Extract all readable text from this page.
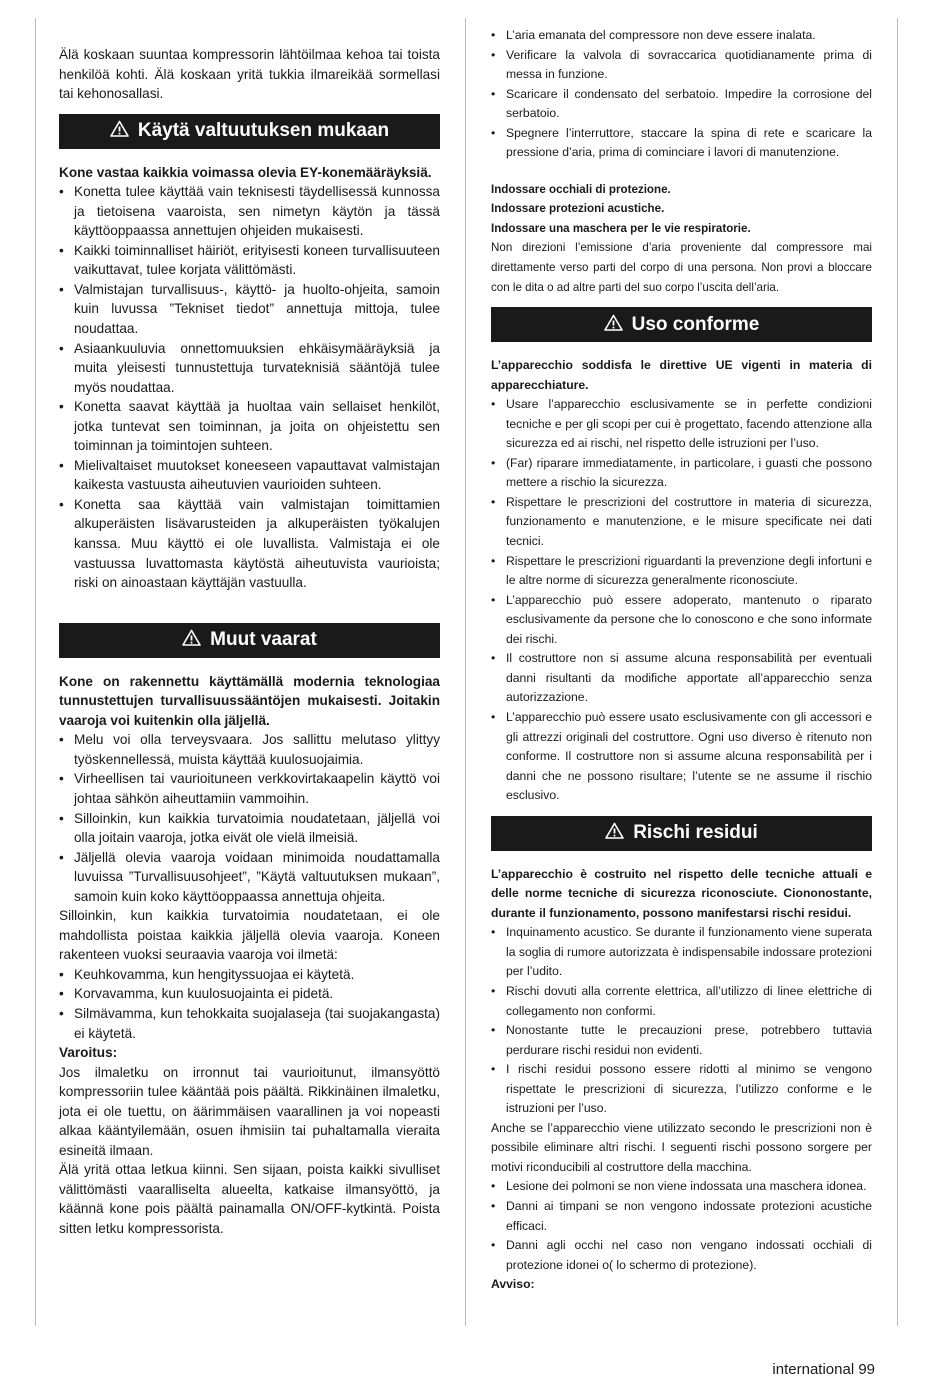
Älä koskaan suuntaa kompressorin lähtöilmaa kehoa tai toista henkilöä kohti. Älä koskaan yritä tukkia ilmareikää sormellasi tai kehonosallasi.

Käytä valtuutuksen mukaan

Kone vastaa kaikkia voimassa olevia EY-konemääräyksiä.

• Konetta tulee käyttää vain teknisesti täydellisessä kunnossa ja tietoisena vaaroista, sen nimetyn käytön ja tässä käyttöoppaassa annettujen ohjeiden mukaisesti.
• Kaikki toiminnalliset häiriöt, erityisesti koneen turvallisuuteen vaikuttavat, tulee korjata välittömästi.
• Valmistajan turvallisuus-, käyttö- ja huolto-ohjeita, samoin kuin luvussa ”Tekniset tiedot” annettuja mittoja, tulee noudattaa.
• Asiaankuuluvia onnettomuuksien ehkäisymääräyksiä ja muita yleisesti tunnustettuja turvateknisiä sääntöjä tulee myös noudattaa.
• Konetta saavat käyttää ja huoltaa vain sellaiset henkilöt, jotka tuntevat sen toiminnan, ja joita on ohjeistettu sen toiminnan ja toimintojen suhteen.
• Mielivaltaiset muutokset koneeseen vapauttavat valmistajan kaikesta vastuusta aiheutuvien vaurioiden suhteen.
• Konetta saa käyttää vain valmistajan toimittamien alkuperäisten lisävarusteiden ja alkuperäisten työkalujen kanssa. Muu käyttö ei ole luvallista. Valmistaja ei ole vastuussa luvattomasta käytöstä aiheutuvista vaurioista; riski on ainoastaan käyttäjän vastuulla.
Muut vaarat

Kone on rakennettu käyttämällä modernia teknologiaa tunnustettujen turvallisuussääntöjen mukaisesti. Joitakin vaaroja voi kuitenkin olla jäljellä.

• Melu voi olla terveysvaara. Jos sallittu melutaso ylittyy työskennellessä, muista käyttää kuulosuojaimia.
• Virheellisen tai vaurioituneen verkkovirtakaapelin käyttö voi johtaa sähkön aiheuttamiin vammoihin.
• Silloinkin, kun kaikkia turvatoimia noudatetaan, jäljellä voi olla joitain vaaroja, jotka eivät ole vielä ilmeisiä.
• Jäljellä olevia vaaroja voidaan minimoida noudattamalla luvuissa ”Turvallisuusohjeet”, ”Käytä valtuutuksen mukaan”, samoin kuin koko käyttöoppaassa annettuja ohjeita.

Silloinkin, kun kaikkia turvatoimia noudatetaan, ei ole mahdollista poistaa kaikkia jäljellä olevia vaaroja. Koneen rakenteen vuoksi seuraavia vaaroja voi ilmetä:

• Keuhkovamma, kun hengityssuojaa ei käytetä.
• Korvavamma, kun kuulosuojainta ei pidetä.
• Silmävamma, kun tehokkaita suojalaseja (tai suojakangasta) ei käytetä.

Varoitus:

Jos ilmaletku on irronnut tai vaurioitunut, ilmansyöttö kompressoriin tulee kääntää pois päältä. Rikkinäinen ilmaletku, jota ei ole tuettu, on äärimmäisen vaarallinen ja voi nopeasti alkaa kääntyilemään, osuen ihmisiin tai puhaltamalla vieraita esineitä ilmaan.

Älä yritä ottaa letkua kiinni. Sen sijaan, poista kaikki sivulliset välittömästi vaaralliselta alueelta, katkaise ilmansyöttö, ja käännä kone pois päältä painamalla ON/OFF-kytkintä. Poista sitten letku kompressorista.

• L’aria emanata del compressore non deve essere inalata.
• Verificare la valvola di sovraccarica quotidianamente prima di messa in funzione.
• Scaricare il condensato del serbatoio. Impedire la corrosione del serbatoio.
• Spegnere l’interruttore, staccare la spina di rete e scaricare la pressione d’aria, prima di cominciare i lavori di manutenzione.

Indossare occhiali di protezione.

Indossare protezioni acustiche.

Indossare una maschera per le vie respiratorie.

Non direzioni l’emissione d’aria proveniente dal compressore mai direttamente verso parti del corpo di una persona. Non provi a bloccare con le dita o ad altre parti del suo corpo l’uscita dell’aria.

Uso conforme

L’apparecchio soddisfa le direttive UE vigenti in materia di apparecchiature.

• Usare l’apparecchio esclusivamente se in perfette condizioni tecniche e per gli scopi per cui è progettato, facendo attenzione alla sicurezza ed ai rischi, nel rispetto delle istruzioni per l’uso.
• (Far) riparare immediatamente, in particolare, i guasti che possono mettere a rischio la sicurezza.
• Rispettare le prescrizioni del costruttore in materia di sicurezza, funzionamento e manutenzione, e le misure specificate nei dati tecnici.
• Rispettare le prescrizioni riguardanti la prevenzione degli infortuni e le altre norme di sicurezza generalmente riconosciute.
• L’apparecchio può essere adoperato, mantenuto o riparato esclusivamente da persone che lo conoscono e che sono informate dei rischi.
• Il costruttore non si assume alcuna responsabilità per eventuali danni risultanti da modifiche apportate all’apparecchio senza autorizzazione.
• L’apparecchio può essere usato esclusivamente con gli accessori e gli attrezzi originali del costruttore. Ogni uso diverso è ritenuto non conforme. Il costruttore non si assume alcuna responsabilità per i danni che ne possono risultare; l’utente se ne assume il rischio esclusivo.
Rischi residui

L’apparecchio è costruito nel rispetto delle tecniche attuali e delle norme tecniche di sicurezza riconosciute. Ciononostante, durante il funzionamento, possono manifestarsi rischi residui.

• Inquinamento acustico. Se durante il funzionamento viene superata la soglia di rumore autorizzata è indispensabile indossare protezioni per l’udito.
• Rischi dovuti alla corrente elettrica, all’utilizzo di linee elettriche di collegamento non conformi.
• Nonostante tutte le precauzioni prese, potrebbero tuttavia perdurare rischi residui non evidenti.
• I rischi residui possono essere ridotti al minimo se vengono rispettate le prescrizioni di sicurezza, l’utilizzo conforme e le istruzioni per l’uso.

Anche se l’apparecchio viene utilizzato secondo le prescrizioni non è possibile eliminare altri rischi. I seguenti rischi possono sorgere per motivi riconducibili al costruttore della macchina.

• Lesione dei polmoni se non viene indossata una maschera idonea.
• Danni ai timpani se non vengono indossate protezioni acustiche efficaci.
• Danni agli occhi nel caso non vengano indossati occhiali di protezione idonei o( lo schermo di protezione).

Avviso:

international 99
